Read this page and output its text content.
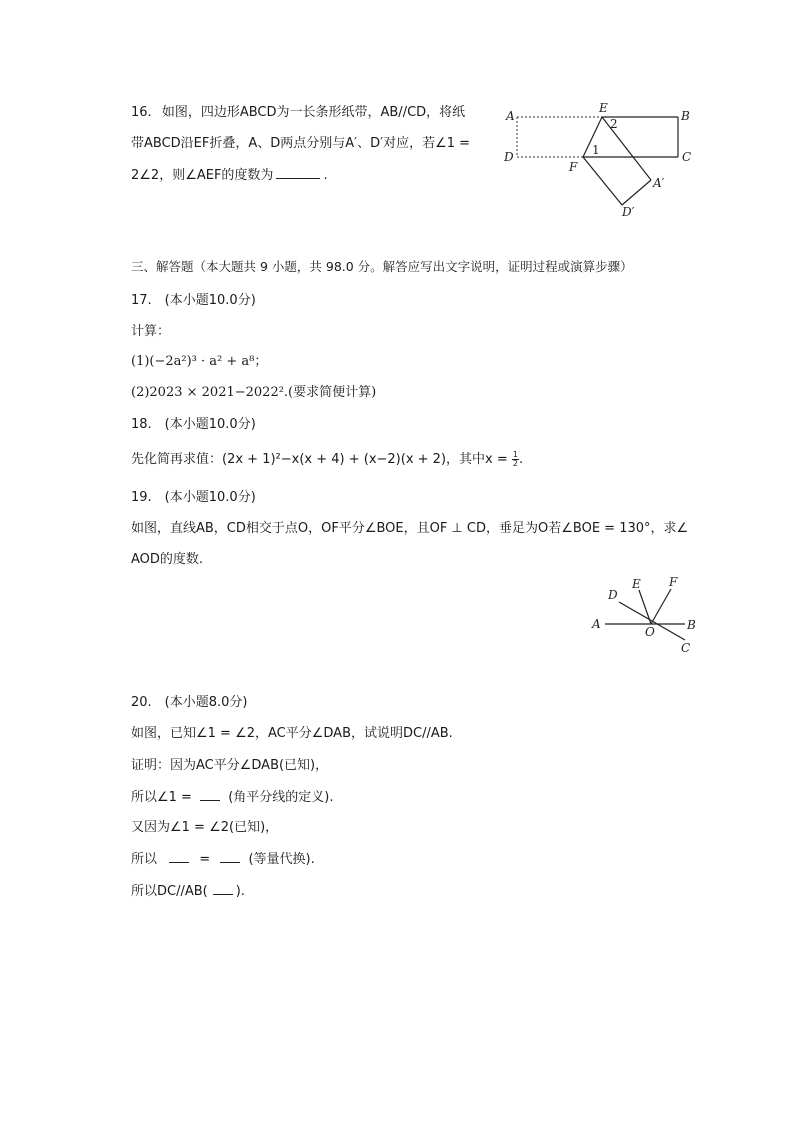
16. 如图，四边形ABCD为一长条形纸带，AB//CD，将纸
带ABCD沿EF折叠，A、D两点分别与A′、D′对应，若∠1 =
2∠2，则∠AEF的度数为	.
A
E
B
D	C
F
A′
D′
1
2
三、解答题（本大题共 9 小题，共 98.0 分。解答应写出文字说明，证明过程或演算步骤）
17.　(本小题10.0分)
计算：
(1)(−2a²)³ · a² + a⁸；
(2)2023 × 2021−2022².(要求简便计算)
18.　(本小题10.0分)
先化简再求值：(2x + 1)²−x(x + 4) + (x−2)(x + 2)，其中$x = \frac{1}{2}$ .
19.　(本小题10.0分)
如图，直线AB，CD相交于点O，OF平分∠BOE，且OF ⊥ CD，垂足为O若∠BOE = 130°，求∠
AOD的度数.
A	B
C
D
E F
O
20.　(本小题8.0分)
如图，已知∠1 = ∠2，AC平分∠DAB，试说明DC//AB.
证明：因为AC平分∠DAB(已知)，
所以∠1 =	(角平分线的定义).
又因为∠1 = ∠2(已知)，
所以	=	(等量代换).
所以DC//AB( ).
